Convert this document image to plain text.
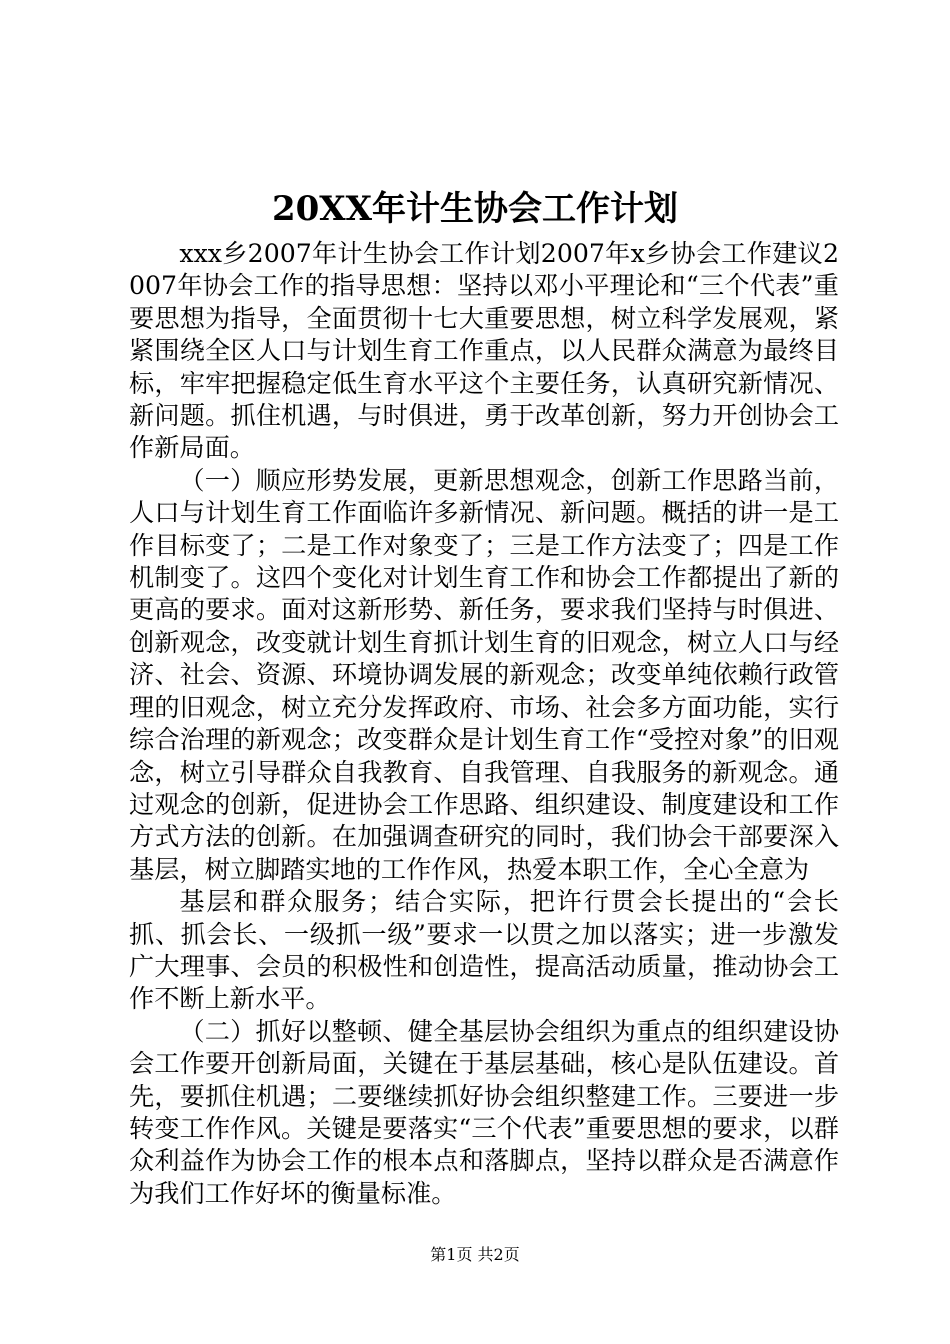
20XX年计生协会工作计划

xxx乡2007年计生协会工作计划2007年x乡协会工作建议2007年协会工作的指导思想：坚持以邓小平理论和“三个代表”重要思想为指导，全面贯彻十七大重要思想，树立科学发展观，紧紧围绕全区人口与计划生育工作重点，以人民群众满意为最终目标，牢牢把握稳定低生育水平这个主要任务，认真研究新情况、新问题。抓住机遇，与时俱进，勇于改革创新，努力开创协会工作新局面。

（一）顺应形势发展，更新思想观念，创新工作思路当前，人口与计划生育工作面临许多新情况、新问题。概括的讲一是工作目标变了；二是工作对象变了；三是工作方法变了；四是工作机制变了。这四个变化对计划生育工作和协会工作都提出了新的更高的要求。面对这新形势、新任务，要求我们坚持与时俱进、创新观念，改变就计划生育抓计划生育的旧观念，树立人口与经济、社会、资源、环境协调发展的新观念；改变单纯依赖行政管理的旧观念，树立充分发挥政府、市场、社会多方面功能，实行综合治理的新观念；改变群众是计划生育工作“受控对象”的旧观念，树立引导群众自我教育、自我管理、自我服务的新观念。通过观念的创新，促进协会工作思路、组织建设、制度建设和工作方式方法的创新。在加强调查研究的同时，我们协会干部要深入基层，树立脚踏实地的工作作风，热爱本职工作，全心全意为

基层和群众服务；结合实际，把许行贯会长提出的“会长抓、抓会长、一级抓一级”要求一以贯之加以落实；进一步激发广大理事、会员的积极性和创造性，提高活动质量，推动协会工作不断上新水平。

（二）抓好以整顿、健全基层协会组织为重点的组织建设协会工作要开创新局面，关键在于基层基础，核心是队伍建设。首先，要抓住机遇；二要继续抓好协会组织整建工作。三要进一步转变工作作风。关键是要落实“三个代表”重要思想的要求，以群众利益作为协会工作的根本点和落脚点，坚持以群众是否满意作为我们工作好坏的衡量标准。

第1页 共2页
